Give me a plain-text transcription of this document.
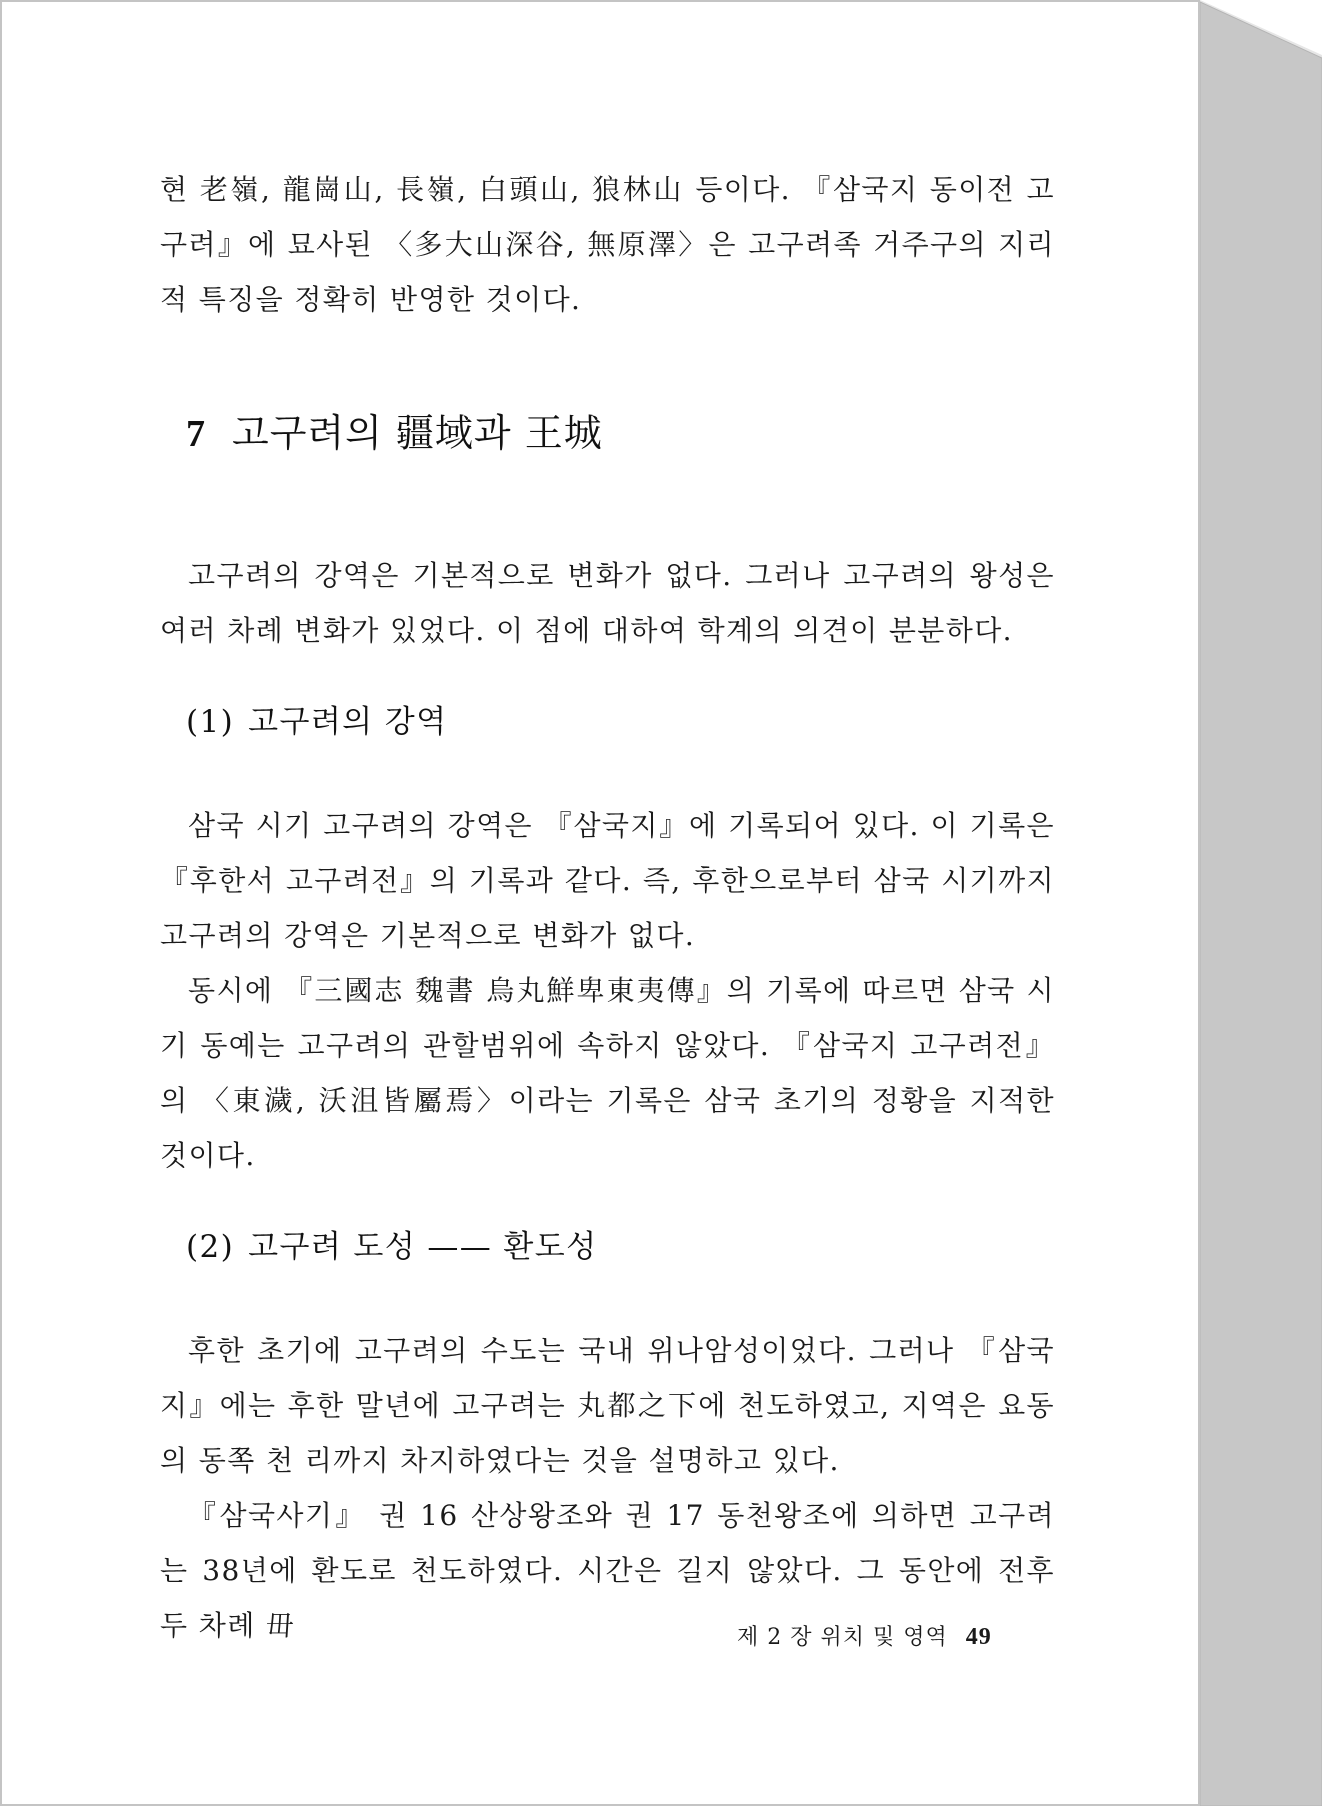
현 老嶺, 龍崗山, 長嶺, 白頭山, 狼林山 등이다. 『삼국지 동이전 고구려』에 묘사된 〈多大山深谷, 無原澤〉은 고구려족 거주구의 지리적 특징을 정확히 반영한 것이다.

7 고구려의 疆域과 王城

고구려의 강역은 기본적으로 변화가 없다. 그러나 고구려의 왕성은 여러 차례 변화가 있었다. 이 점에 대하여 학계의 의견이 분분하다.

(1) 고구려의 강역

삼국 시기 고구려의 강역은 『삼국지』에 기록되어 있다. 이 기록은 『후한서 고구려전』의 기록과 같다. 즉, 후한으로부터 삼국 시기까지 고구려의 강역은 기본적으로 변화가 없다.

동시에 『三國志 魏書 烏丸鮮卑東夷傳』의 기록에 따르면 삼국 시기 동예는 고구려의 관할범위에 속하지 않았다. 『삼국지 고구려전』의 〈東濊, 沃沮皆屬焉〉이라는 기록은 삼국 초기의 정황을 지적한 것이다.

(2) 고구려 도성 —— 환도성

후한 초기에 고구려의 수도는 국내 위나암성이었다. 그러나 『삼국지』에는 후한 말년에 고구려는 丸都之下에 천도하였고, 지역은 요동의 동쪽 천 리까지 차지하였다는 것을 설명하고 있다.

『삼국사기』 권 16 산상왕조와 권 17 동천왕조에 의하면 고구려는 38년에 환도로 천도하였다. 시간은 길지 않았다. 그 동안에 전후 두 차례 毌	제 2 장 위치 및 영역 49
